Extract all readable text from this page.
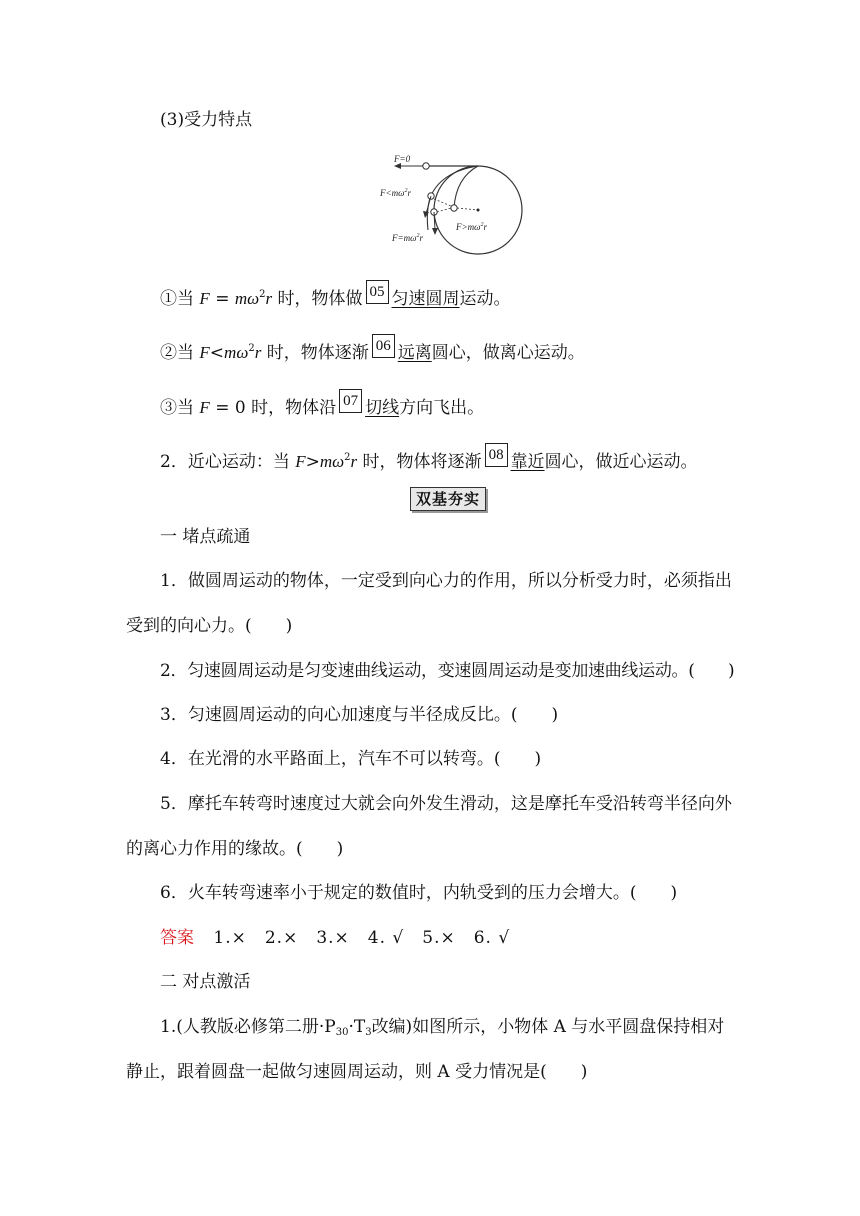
(3)受力特点
F=0
$F<m\omega^2r$
$F=m\omega^2r$
$F>m\omega^2r$
①当 $F = m\omega^2r$ 时，物体做 05 匀速圆周运动。
②当 $F<m\omega^2r$ 时，物体逐渐 06 远离圆心，做离心运动。
③当 F = 0 时，物体沿 07 切线方向飞出。
2．近心运动：当 $F>m\omega^2r$ 时，物体将逐渐 08 靠近圆心，做近心运动。
双基夯实
一 堵点疏通
1．做圆周运动的物体，一定受到向心力的作用，所以分析受力时，必须指出
受到的向心力。(　　)
2．匀速圆周运动是匀变速曲线运动，变速圆周运动是变加速曲线运动。(　　)
3．匀速圆周运动的向心加速度与半径成反比。(　　)
4．在光滑的水平路面上，汽车不可以转弯。(　　)
5．摩托车转弯时速度过大就会向外发生滑动，这是摩托车受沿转弯半径向外
的离心力作用的缘故。(　　)
6．火车转弯速率小于规定的数值时，内轨受到的压力会增大。(　　)
答案 1.×　2.×　3.×　4. √　5.×　6. √
二 对点激活
1.(人教版必修第二册$\cdot P_{30}\cdot T_3$改编)如图所示，小物体 A 与水平圆盘保持相对
静止，跟着圆盘一起做匀速圆周运动，则 A 受力情况是(　　)
